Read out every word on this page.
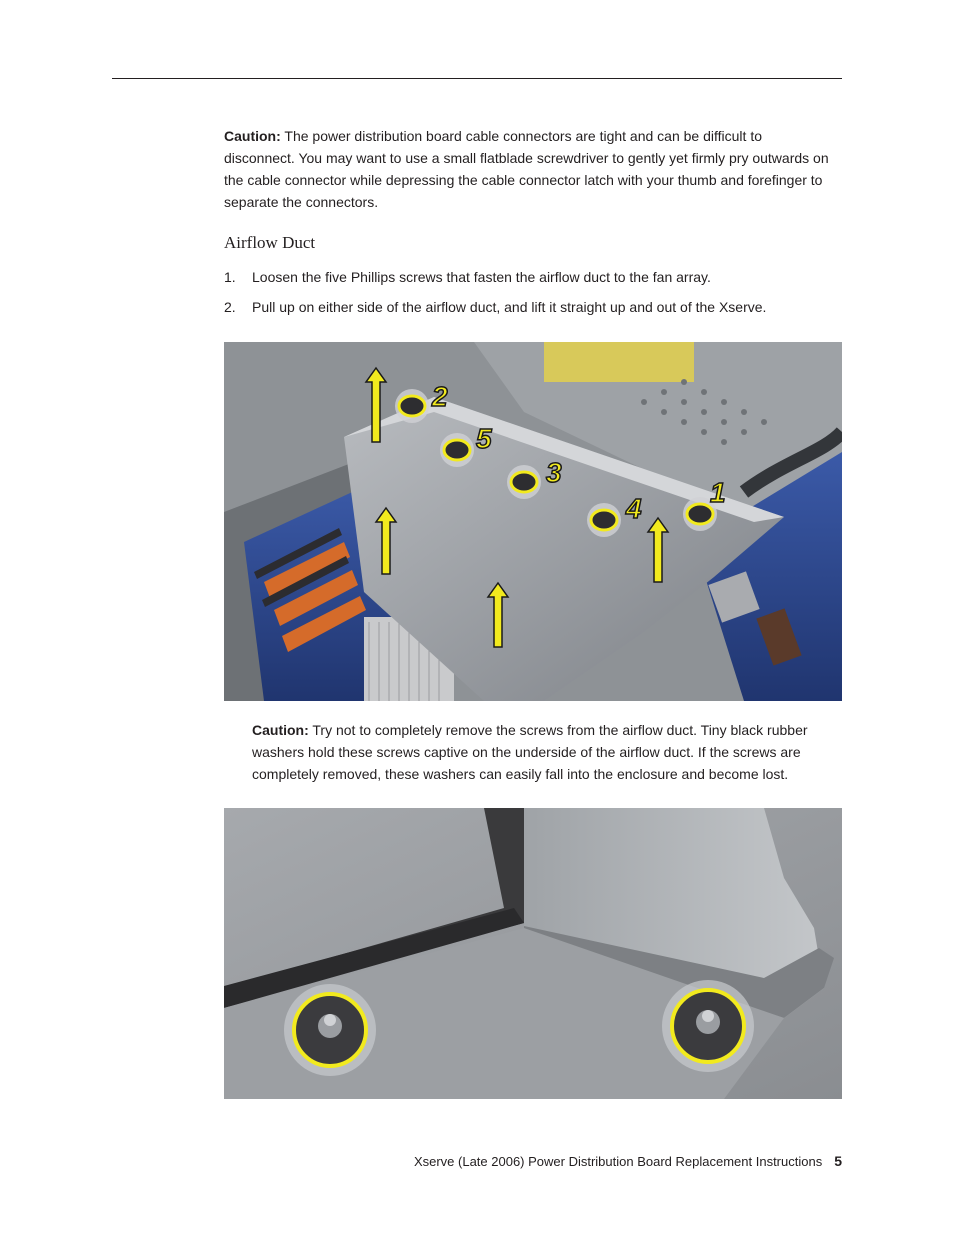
Caution: The power distribution board cable connectors are tight and can be difficult to disconnect. You may want to use a small flatblade screwdriver to gently yet firmly pry outwards on the cable connector while depressing the cable connector latch with your thumb and forefinger to separate the connectors.

Airflow Duct
1. Loosen the five Phillips screws that fasten the airflow duct to the fan array.
2. Pull up on either side of the airflow duct, and lift it straight up and out of the Xserve.
2
5
3
4
1

Caution: Try not to completely remove the screws from the airflow duct. Tiny black rubber washers hold these screws captive on the underside of the airflow duct. If the screws are completely removed, these washers can easily fall into the enclosure and become lost.

Xserve (Late 2006) Power Distribution Board Replacement Instructions 5
